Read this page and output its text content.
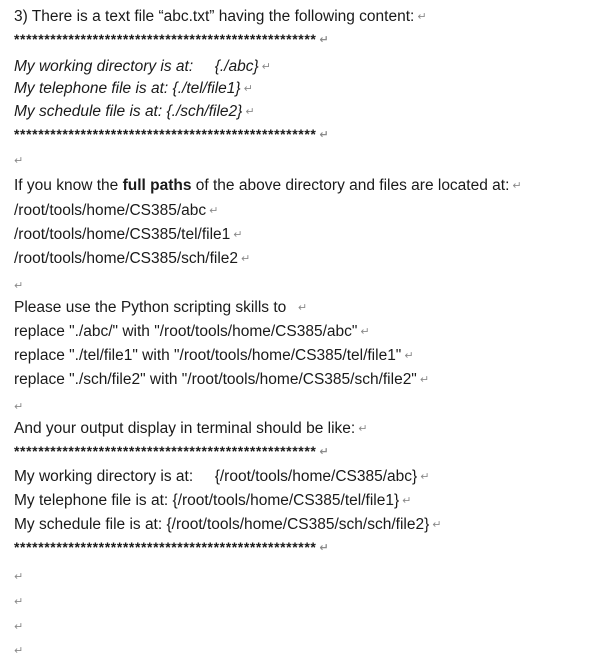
3) There is a text file “abc.txt” having the following content: ↵
************************************************** ↵
My working directory is at:     {./abc} ↵
My telephone file is at: {./tel/file1} ↵
My schedule file is at: {./sch/file2} ↵
************************************************** ↵
↵
If you know the full paths of the above directory and files are located at: ↵
/root/tools/home/CS385/abc ↵
/root/tools/home/CS385/tel/file1 ↵
/root/tools/home/CS385/sch/file2 ↵
↵
Please use the Python scripting skills to  ↵
replace "./abc/" with "/root/tools/home/CS385/abc" ↵
replace "./tel/file1" with "/root/tools/home/CS385/tel/file1" ↵
replace "./sch/file2" with "/root/tools/home/CS385/sch/file2" ↵
↵
And your output display in terminal should be like: ↵
************************************************** ↵
My working directory is at:     {/root/tools/home/CS385/abc} ↵
My telephone file is at: {/root/tools/home/CS385/tel/file1} ↵
My schedule file is at: {/root/tools/home/CS385/sch/sch/file2} ↵
************************************************** ↵
↵
↵
↵
↵
